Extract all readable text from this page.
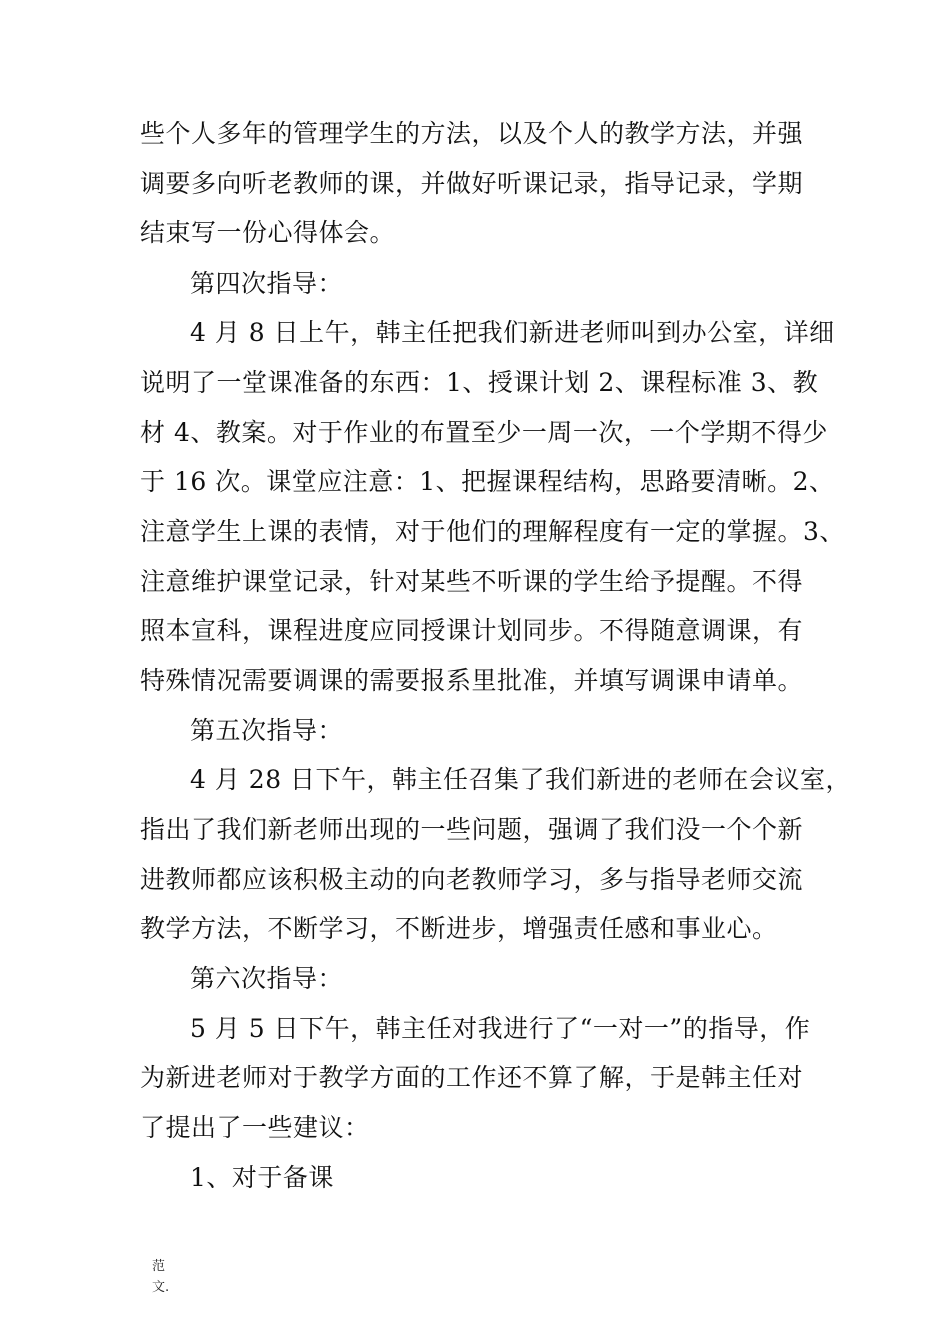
些个人多年的管理学生的方法，以及个人的教学方法，并强
调要多向听老教师的课，并做好听课记录，指导记录，学期
结束写一份心得体会。
第四次指导：
4 月 8 日上午，韩主任把我们新进老师叫到办公室，详细
说明了一堂课准备的东西：1、授课计划 2、课程标准 3、教
材 4、教案。对于作业的布置至少一周一次，一个学期不得少
于 16 次。课堂应注意：1、把握课程结构，思路要清晰。2、
注意学生上课的表情，对于他们的理解程度有一定的掌握。3、
注意维护课堂记录，针对某些不听课的学生给予提醒。不得
照本宣科，课程进度应同授课计划同步。不得随意调课，有
特殊情况需要调课的需要报系里批准，并填写调课申请单。
第五次指导：
4 月 28 日下午，韩主任召集了我们新进的老师在会议室，
指出了我们新老师出现的一些问题，强调了我们没一个个新
进教师都应该积极主动的向老教师学习，多与指导老师交流
教学方法，不断学习，不断进步，增强责任感和事业心。
第六次指导：
5 月 5 日下午，韩主任对我进行了“一对一”的指导，作
为新进老师对于教学方面的工作还不算了解，于是韩主任对
了提出了一些建议：
1、对于备课
范
文.
